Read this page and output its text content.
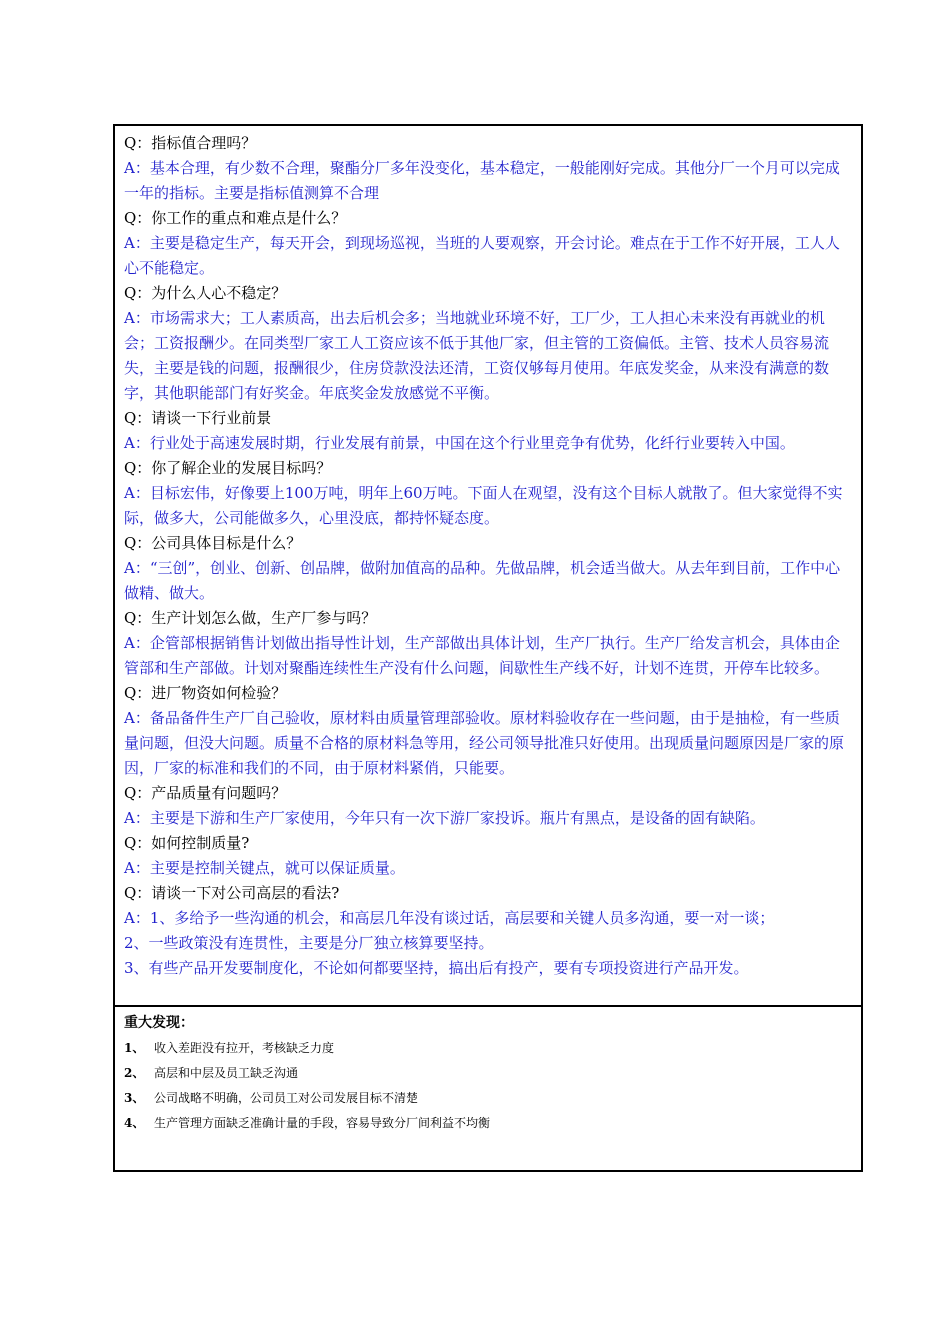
Q：指标值合理吗？

A：基本合理，有少数不合理，聚酯分厂多年没变化，基本稳定，一般能刚好完成。其他分厂一个月可以完成一年的指标。主要是指标值测算不合理

Q：你工作的重点和难点是什么？

A：主要是稳定生产，每天开会，到现场巡视，当班的人要观察，开会讨论。难点在于工作不好开展，工人人心不能稳定。

Q：为什么人心不稳定？

A：市场需求大；工人素质高，出去后机会多；当地就业环境不好，工厂少，工人担心未来没有再就业的机会；工资报酬少。在同类型厂家工人工资应该不低于其他厂家，但主管的工资偏低。主管、技术人员容易流失，主要是钱的问题，报酬很少，住房贷款没法还清，工资仅够每月使用。年底发奖金，从来没有满意的数字，其他职能部门有好奖金。年底奖金发放感觉不平衡。

Q：请谈一下行业前景

A：行业处于高速发展时期，行业发展有前景，中国在这个行业里竞争有优势，化纤行业要转入中国。

Q：你了解企业的发展目标吗？

A：目标宏伟，好像要上100万吨，明年上60万吨。下面人在观望，没有这个目标人就散了。但大家觉得不实际，做多大，公司能做多久，心里没底，都持怀疑态度。

Q：公司具体目标是什么？

A：“三创”，创业、创新、创品牌，做附加值高的品种。先做品牌，机会适当做大。从去年到目前，工作中心做精、做大。

Q：生产计划怎么做，生产厂参与吗？

A：企管部根据销售计划做出指导性计划，生产部做出具体计划，生产厂执行。生产厂给发言机会，具体由企管部和生产部做。计划对聚酯连续性生产没有什么问题，间歇性生产线不好，计划不连贯，开停车比较多。

Q：进厂物资如何检验？

A：备品备件生产厂自己验收，原材料由质量管理部验收。原材料验收存在一些问题，由于是抽检，有一些质量问题，但没大问题。质量不合格的原材料急等用，经公司领导批准只好使用。出现质量问题原因是厂家的原因，厂家的标准和我们的不同，由于原材料紧俏，只能要。

Q：产品质量有问题吗？

A：主要是下游和生产厂家使用，今年只有一次下游厂家投诉。瓶片有黑点，是设备的固有缺陷。

Q：如何控制质量?

A：主要是控制关键点，就可以保证质量。

Q：请谈一下对公司高层的看法?

A：1、多给予一些沟通的机会，和高层几年没有谈过话，高层要和关键人员多沟通，要一对一谈；

2、一些政策没有连贯性，主要是分厂独立核算要坚持。

3、有些产品开发要制度化，不论如何都要坚持，搞出后有投产，要有专项投资进行产品开发。

重大发现：

1、 收入差距没有拉开，考核缺乏力度

2、 高层和中层及员工缺乏沟通

3、 公司战略不明确，公司员工对公司发展目标不清楚

4、 生产管理方面缺乏准确计量的手段，容易导致分厂间利益不均衡
